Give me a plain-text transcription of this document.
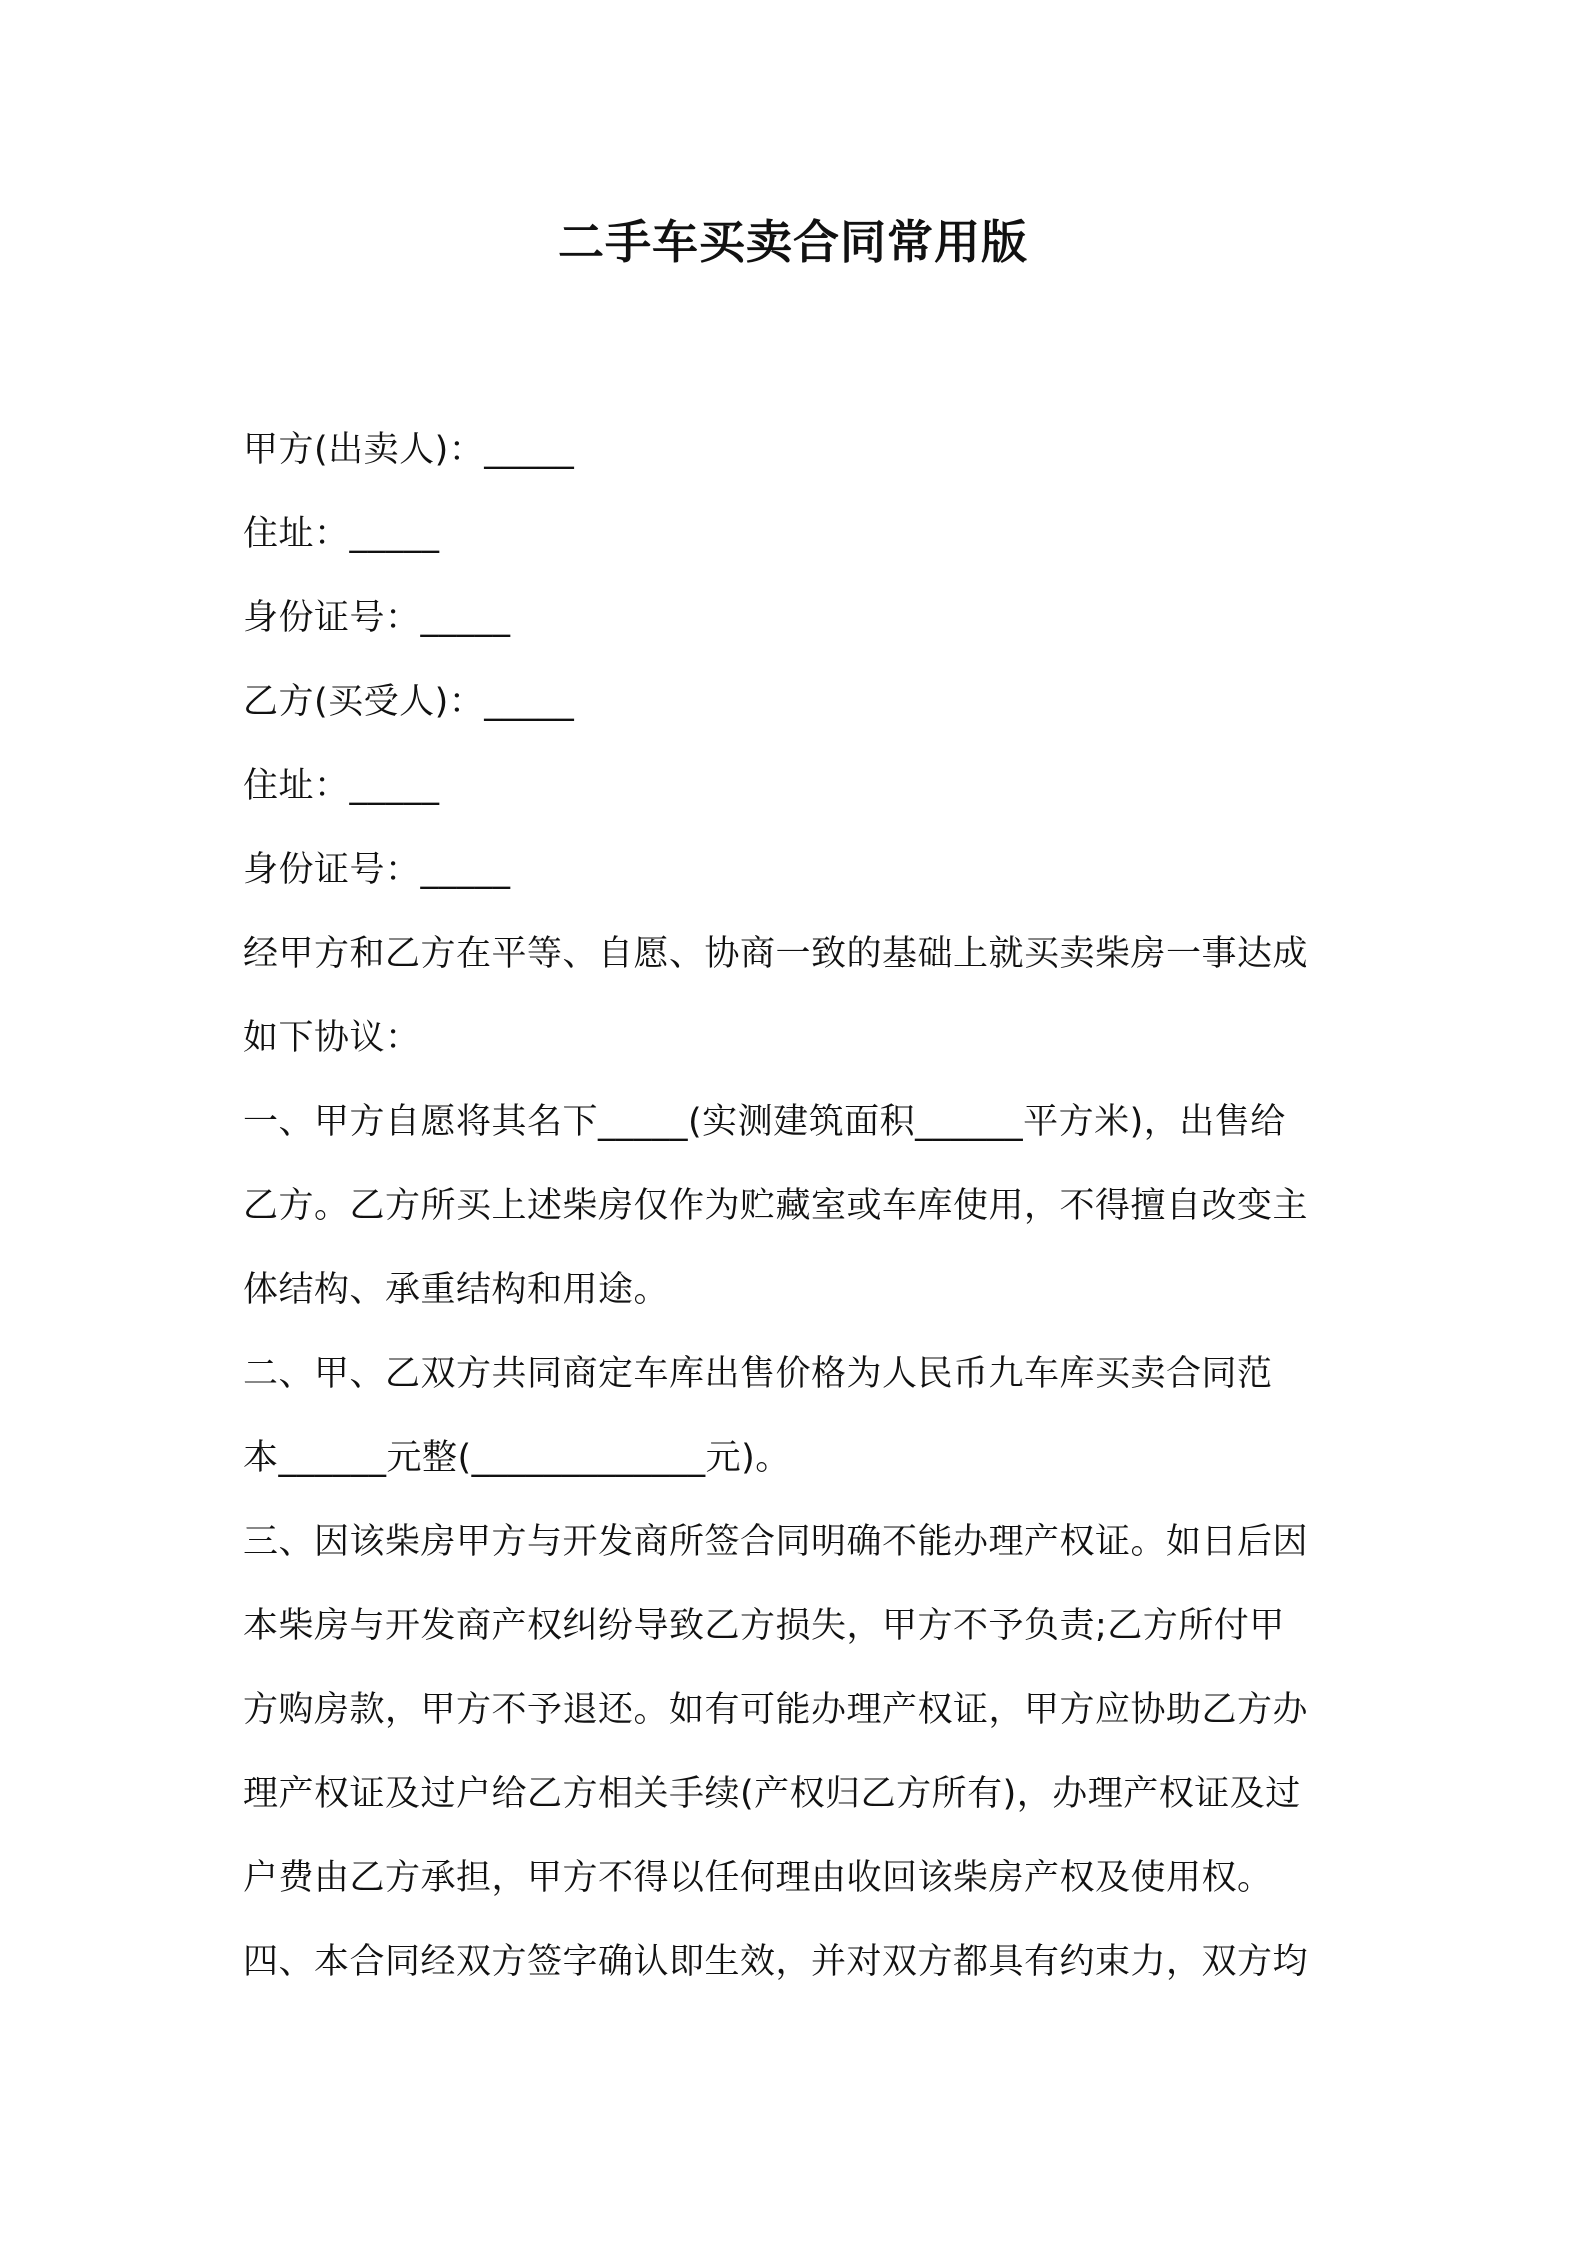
二手车买卖合同常用版
甲方(出卖人)：_____
住址：_____
身份证号：_____
乙方(买受人)：_____
住址：_____
身份证号：_____
经甲方和乙方在平等、自愿、协商一致的基础上就买卖柴房一事达成
如下协议：
一、甲方自愿将其名下_____(实测建筑面积______平方米)，出售给
乙方。乙方所买上述柴房仅作为贮藏室或车库使用，不得擅自改变主
体结构、承重结构和用途。
二、甲、乙双方共同商定车库出售价格为人民币九车库买卖合同范
本______元整(_____________元)。
三、因该柴房甲方与开发商所签合同明确不能办理产权证。如日后因
本柴房与开发商产权纠纷导致乙方损失，甲方不予负责;乙方所付甲
方购房款，甲方不予退还。如有可能办理产权证，甲方应协助乙方办
理产权证及过户给乙方相关手续(产权归乙方所有)，办理产权证及过
户费由乙方承担，甲方不得以任何理由收回该柴房产权及使用权。
四、本合同经双方签字确认即生效，并对双方都具有约束力，双方均
